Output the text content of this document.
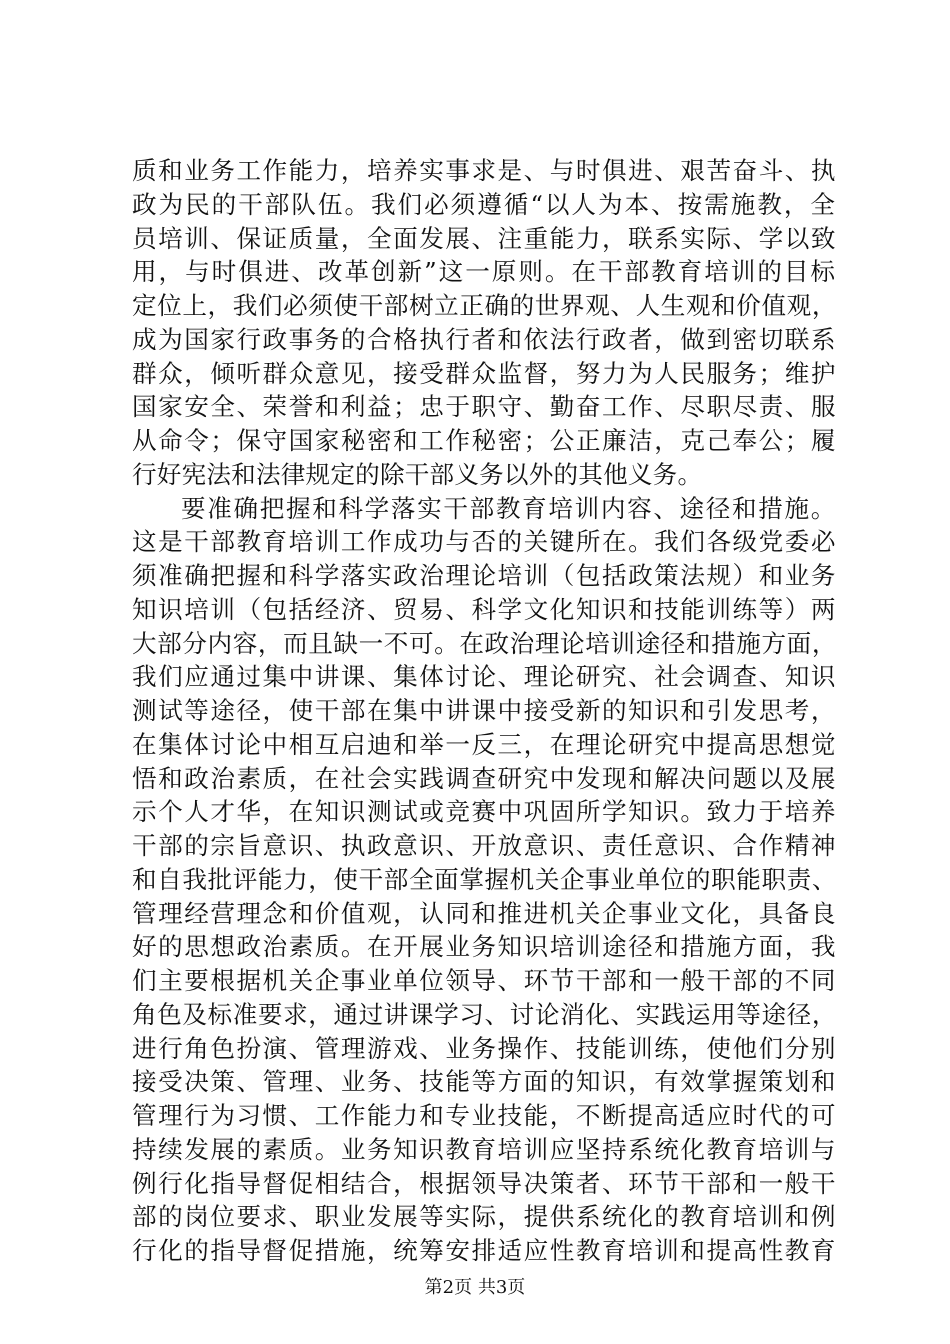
质和业务工作能力，培养实事求是、与时俱进、艰苦奋斗、执
政为民的干部队伍。我们必须遵循“以人为本、按需施教，全
员培训、保证质量，全面发展、注重能力，联系实际、学以致
用，与时俱进、改革创新”这一原则。在干部教育培训的目标
定位上，我们必须使干部树立正确的世界观、人生观和价值观，
成为国家行政事务的合格执行者和依法行政者，做到密切联系
群众，倾听群众意见，接受群众监督，努力为人民服务；维护
国家安全、荣誉和利益；忠于职守、勤奋工作、尽职尽责、服
从命令；保守国家秘密和工作秘密；公正廉洁，克己奉公；履
行好宪法和法律规定的除干部义务以外的其他义务。

要准确把握和科学落实干部教育培训内容、途径和措施。
这是干部教育培训工作成功与否的关键所在。我们各级党委必
须准确把握和科学落实政治理论培训（包括政策法规）和业务
知识培训（包括经济、贸易、科学文化知识和技能训练等）两
大部分内容，而且缺一不可。在政治理论培训途径和措施方面，
我们应通过集中讲课、集体讨论、理论研究、社会调查、知识
测试等途径，使干部在集中讲课中接受新的知识和引发思考，
在集体讨论中相互启迪和举一反三，在理论研究中提高思想觉
悟和政治素质，在社会实践调查研究中发现和解决问题以及展
示个人才华，在知识测试或竞赛中巩固所学知识。致力于培养
干部的宗旨意识、执政意识、开放意识、责任意识、合作精神
和自我批评能力，使干部全面掌握机关企事业单位的职能职责、
管理经营理念和价值观，认同和推进机关企事业文化，具备良
好的思想政治素质。在开展业务知识培训途径和措施方面，我
们主要根据机关企事业单位领导、环节干部和一般干部的不同
角色及标准要求，通过讲课学习、讨论消化、实践运用等途径，
进行角色扮演、管理游戏、业务操作、技能训练，使他们分别
接受决策、管理、业务、技能等方面的知识，有效掌握策划和
管理行为习惯、工作能力和专业技能，不断提高适应时代的可
持续发展的素质。业务知识教育培训应坚持系统化教育培训与
例行化指导督促相结合，根据领导决策者、环节干部和一般干
部的岗位要求、职业发展等实际，提供系统化的教育培训和例
行化的指导督促措施，统筹安排适应性教育培训和提高性教育

第2页 共3页
